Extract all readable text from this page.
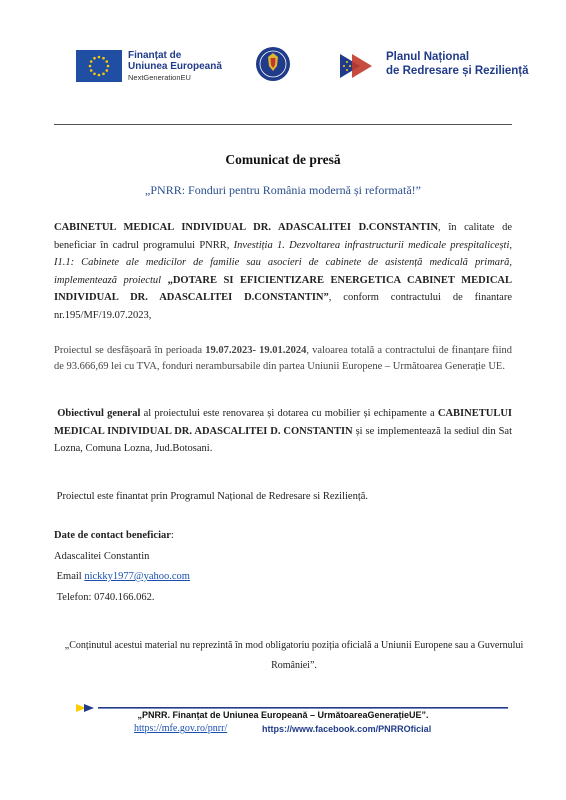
Finanțat de
Uniunea Europeană
NextGenerationEU
Planul Național
de Redresare și Reziliență
Comunicat de presă
„PNRR: Fonduri pentru România modernă și reformată!”
CABINETUL MEDICAL INDIVIDUAL DR. ADASCALITEI D.CONSTANTIN, în calitate de beneficiar în cadrul programului PNRR, Investiția 1. Dezvoltarea infrastructurii medicale prespitalicești, I1.1: Cabinete ale medicilor de familie sau asocieri de cabinete de asistență medicală primară, implementează proiectul „DOTARE SI EFICIENTIZARE ENERGETICA CABINET MEDICAL INDIVIDUAL DR. ADASCALITEI D.CONSTANTIN”, conform contractului de finantare nr.195/MF/19.07.2023,
Proiectul se desfășoară în perioada 19.07.2023- 19.01.2024, valoarea totală a contractului de finanțare fiind de 93.666,69 lei cu TVA, fonduri nerambursabile din partea Uniunii Europene – Următoarea Generație UE.
Obiectivul general al proiectului este renovarea și dotarea cu mobilier și echipamente a CABINETULUI MEDICAL INDIVIDUAL DR. ADASCALITEI D. CONSTANTIN și se implementează la sediul din Sat Lozna, Comuna Lozna, Jud.Botosani.
Proiectul este finantat prin Programul Național de Redresare si Reziliență.
Date de contact beneficiar:
Adascalitei Constantin
Email nickky1977@yahoo.com
Telefon: 0740.166.062.
„Conținutul acestui material nu reprezintă în mod obligatoriu poziția oficială a Uniunii Europene sau a Guvernului României”.
„PNRR. Finanțat de Uniunea Europeană – UrmătoareaGenerațieUE”.
https://mfe.gov.ro/pnrr/	https://www.facebook.com/PNRROficial
